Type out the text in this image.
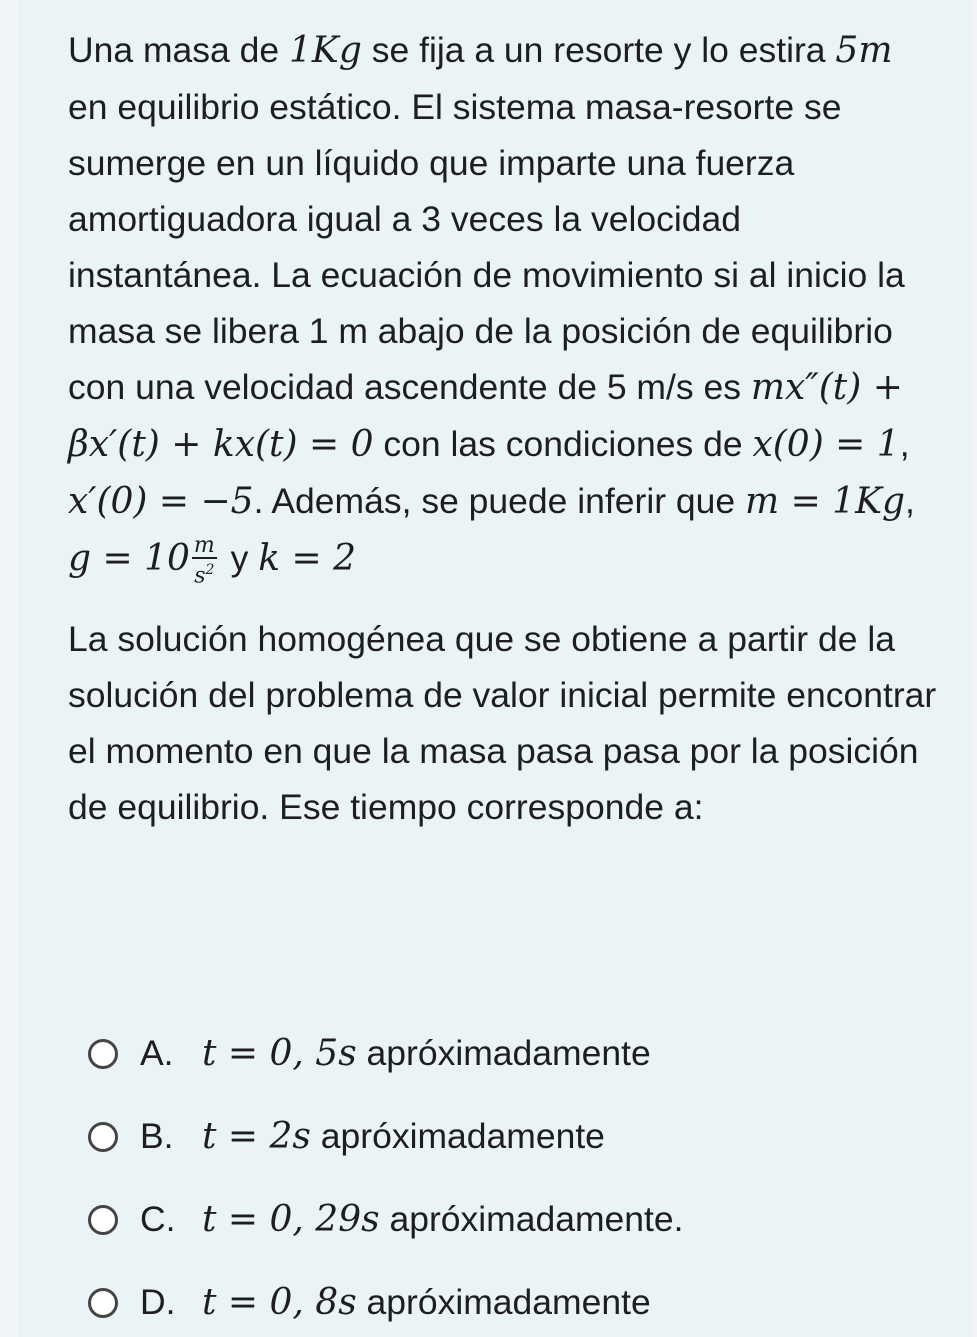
Una masa de 1Kg se fija a un resorte y lo estira 5m en equilibrio estático. El sistema masa-resorte se sumerge en un líquido que imparte una fuerza amortiguadora igual a 3 veces la velocidad instantánea. La ecuación de movimiento si al inicio la masa se libera 1 m abajo de la posición de equilibrio con una velocidad ascendente de 5 m/s es mx″(t) + βx′(t) + kx(t) = 0 con las condiciones de x(0) = 1, x′(0) = −5. Además, se puede inferir que m = 1Kg, $g = 10 \frac{m}{s^2}$ y k = 2

La solución homogénea que se obtiene a partir de la solución del problema de valor inicial permite encontrar el momento en que la masa pasa pasa por la posición de equilibrio. Ese tiempo corresponde a:

A. t = 0, 5s apróximadamente
B. t = 2s apróximadamente
C. t = 0, 29s apróximadamente.
D. t = 0, 8s apróximadamente
